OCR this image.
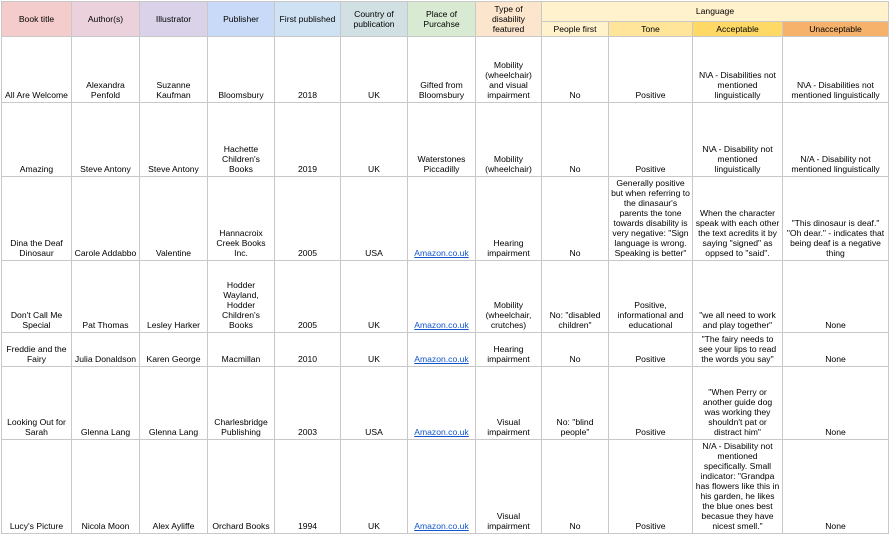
Book title	Author(s)	Illustrator	Publisher	First published	Country of publication	Place of Purcahse	Type of disability featured	Language			
								People first	Tone	Acceptable	Unacceptable
All Are Welcome	Alexandra Penfold	Suzanne Kaufman	Bloomsbury	2018	UK	Gifted from Bloomsbury	Mobility (wheelchair) and visual impairment	No	Positive	N\A - Disabilities not mentioned linguistically	N\A - Disabilities not mentioned linguistically
Amazing	Steve Antony	Steve Antony	Hachette Children's Books	2019	UK	Waterstones Piccadilly	Mobility (wheelchair)	No	Positive	N\A - Disability not mentioned linguistically	N/A - Disability not mentioned linguistically
Dina the Deaf Dinosaur	Carole Addabbo	Valentine	Hannacroix Creek Books Inc.	2005	USA	Amazon.co.uk	Hearing impairment	No	Generally positive but when referring to the dinasaur's parents the tone towards disability is very negative: "Sign language is wrong. Speaking is better"	When the character speak with each other the text acredits it by saying "signed" as oppsed to "said".	"This dinosaur is deaf." "Oh dear." - indicates that being deaf is a negative thing
Don't Call Me Special	Pat Thomas	Lesley Harker	Hodder Wayland, Hodder Children's Books	2005	UK	Amazon.co.uk	Mobility (wheelchair, crutches)	No: "disabled children"	Positive, informational and educational	"we all need to work and play together"	None
Freddie and the Fairy	Julia Donaldson	Karen George	Macmillan	2010	UK	Amazon.co.uk	Hearing impairment	No	Positive	"The fairy needs to see your lips to read the words you say"	None
Looking Out for Sarah	Glenna Lang	Glenna Lang	Charlesbridge Publishing	2003	USA	Amazon.co.uk	Visual impairment	No: "blind people"	Positive	"When Perry or another guide dog was working they shouldn't pat or distract him"	None
Lucy's Picture	Nicola Moon	Alex Ayliffe	Orchard Books	1994	UK	Amazon.co.uk	Visual impairment	No	Positive	N/A - Disability not mentioned specifically. Small indicator: "Grandpa has flowers like this in his garden, he likes the blue ones best becasue they have nicest smell."	None
